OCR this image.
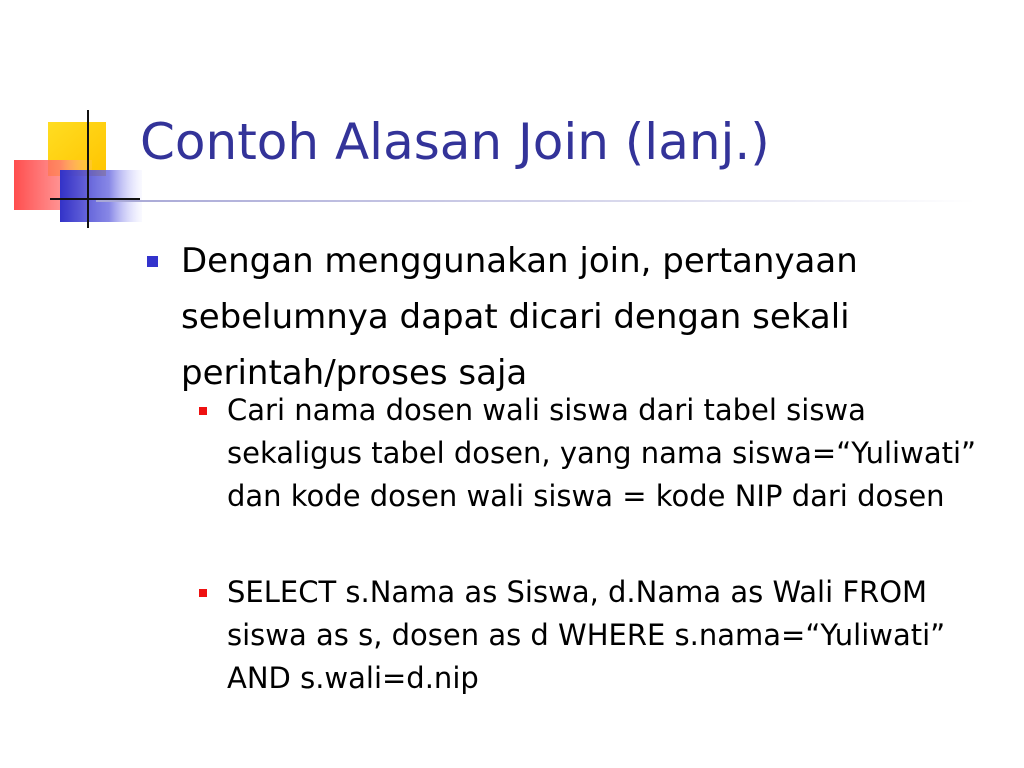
Contoh Alasan Join (lanj.)
Dengan menggunakan join, pertanyaan sebelumnya dapat dicari dengan sekali perintah/proses saja
Cari nama dosen wali siswa dari tabel siswa sekaligus tabel dosen, yang nama siswa=“Yuliwati” dan kode dosen wali siswa = kode NIP dari dosen
SELECT s.Nama as Siswa, d.Nama as Wali FROM siswa as s, dosen as d WHERE s.nama=“Yuliwati” AND s.wali=d.nip
